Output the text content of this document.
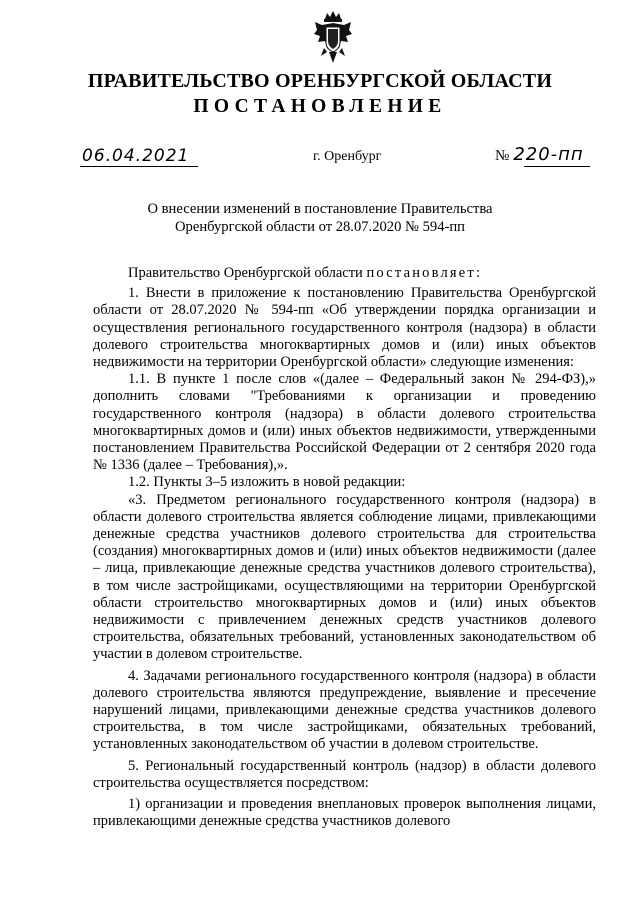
ПРАВИТЕЛЬСТВО ОРЕНБУРГСКОЙ ОБЛАСТИ
ПОСТАНОВЛЕНИЕ
06.04.2021	г. Оренбург	№ 220-пп
О внесении изменений в постановление Правительства
Оренбургской области от 28.07.2020 № 594-пп

Правительство Оренбургской области постановляет:

1. Внести в приложение к постановлению Правительства Оренбургской области от 28.07.2020 № 594-пп «Об утверждении порядка организации и осуществления регионального государственного контроля (надзора) в области долевого строительства многоквартирных домов и (или) иных объектов недвижимости на территории Оренбургской области» следующие изменения:

1.1. В пункте 1 после слов «(далее – Федеральный закон № 294-ФЗ),» дополнить словами "Требованиями к организации и проведению государственного контроля (надзора) в области долевого строительства многоквартирных домов и (или) иных объектов недвижимости, утвержденными постановлением Правительства Российской Федерации от 2 сентября 2020 года № 1336 (далее – Требования),».

1.2. Пункты 3–5 изложить в новой редакции:

«3. Предметом регионального государственного контроля (надзора) в области долевого строительства является соблюдение лицами, привлекающими денежные средства участников долевого строительства для строительства (создания) многоквартирных домов и (или) иных объектов недвижимости (далее – лица, привлекающие денежные средства участников долевого строительства), в том числе застройщиками, осуществляющими на территории Оренбургской области строительство многоквартирных домов и (или) иных объектов недвижимости с привлечением денежных средств участников долевого строительства, обязательных требований, установленных законодательством об участии в долевом строительстве.

4. Задачами регионального государственного контроля (надзора) в области долевого строительства являются предупреждение, выявление и пресечение нарушений лицами, привлекающими денежные средства участников долевого строительства, в том числе застройщиками, обязательных требований, установленных законодательством об участии в долевом строительстве.

5. Региональный государственный контроль (надзор) в области долевого строительства осуществляется посредством:

1) организации и проведения внеплановых проверок выполнения лицами, привлекающими денежные средства участников долевого
